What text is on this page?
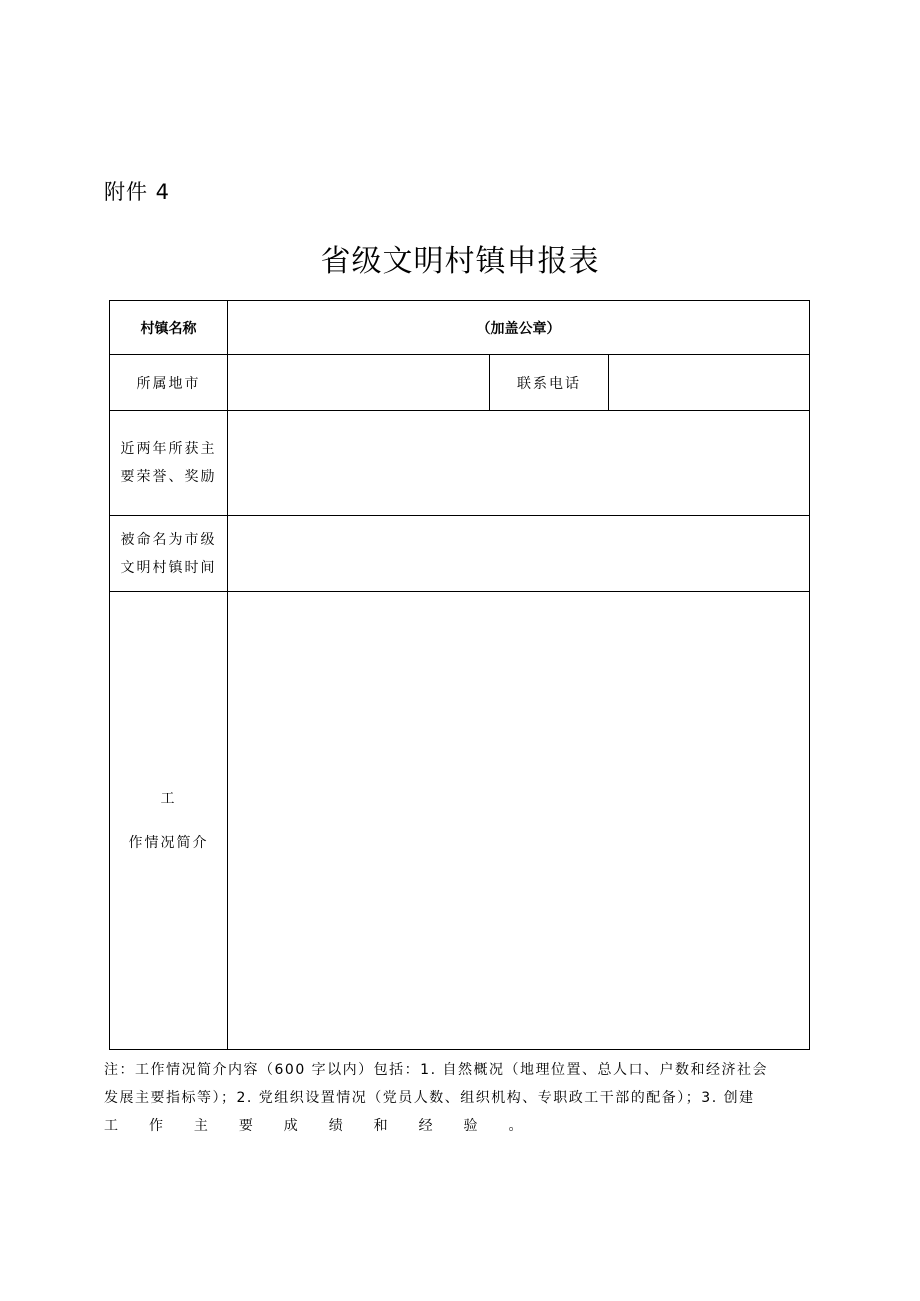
附件 4
省级文明村镇申报表
村镇名称	（加盖公章）
所属地市	联系电话
近两年所获主
要荣誉、奖励
被命名为市级
文明村镇时间
工
作情况简介
注：工作情况简介内容（600 字以内）包括：1. 自然概况（地理位置、总人口、户数和经济社会
发展主要指标等）；2. 党组织设置情况（党员人数、组织机构、专职政工干部的配备）；3. 创建
工 作 主 要 成 绩 和 经 验 。
